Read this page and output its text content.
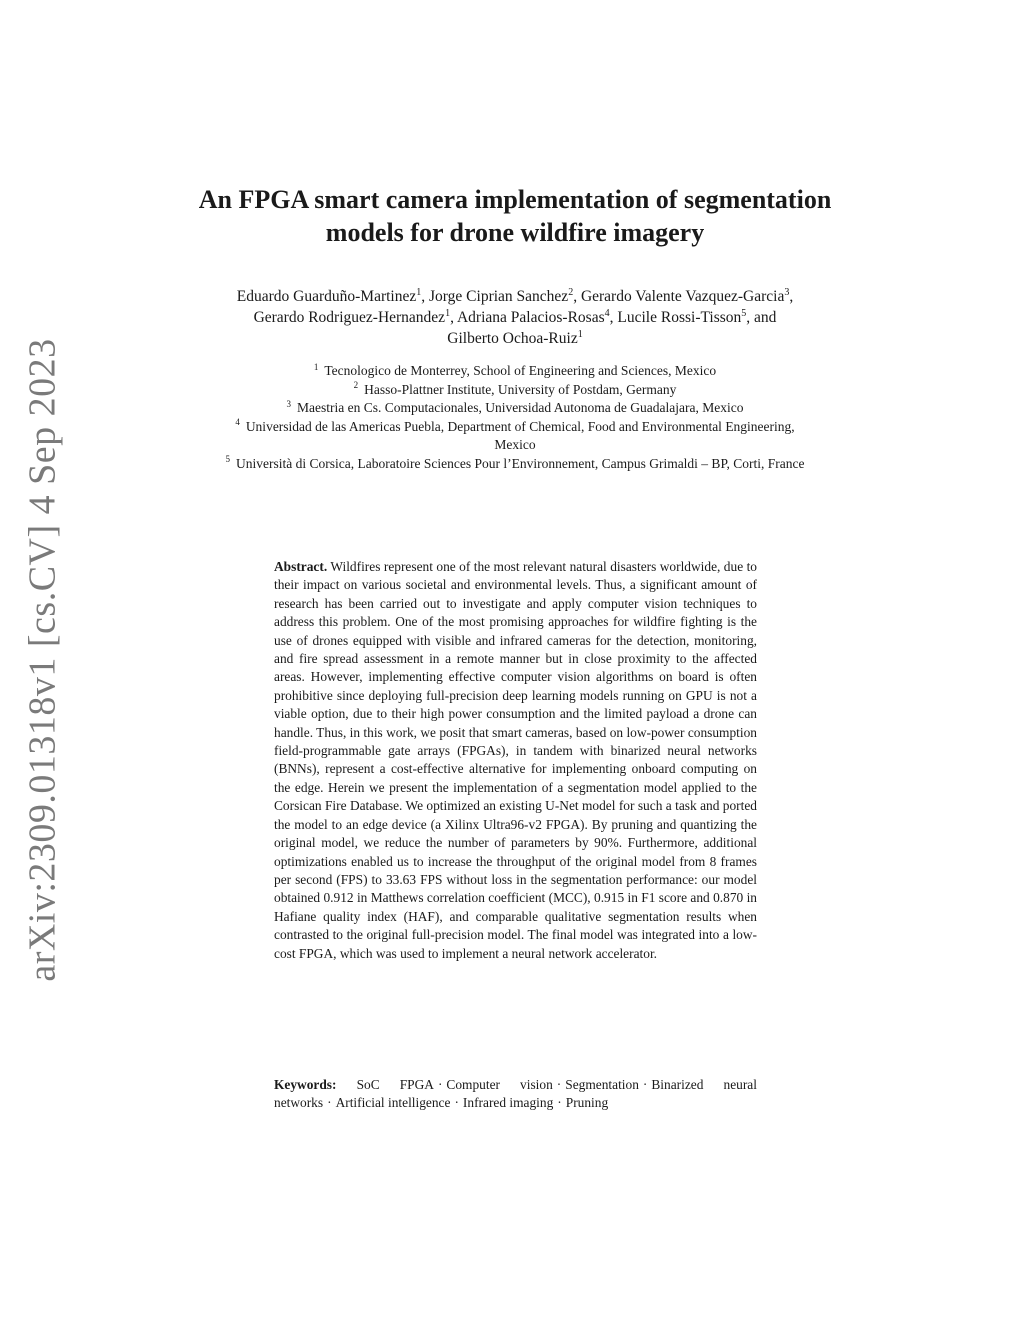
arXiv:2309.01318v1 [cs.CV] 4 Sep 2023
An FPGA smart camera implementation of segmentation models for drone wildfire imagery
Eduardo Guarduño-Martinez$^1$, Jorge Ciprian Sanchez$^2$, Gerardo Valente Vazquez-Garcia$^3$, Gerardo Rodriguez-Hernandez$^1$, Adriana Palacios-Rosas$^4$, Lucile Rossi-Tisson$^5$, and Gilberto Ochoa-Ruiz$^1$
$^1$ Tecnologico de Monterrey, School of Engineering and Sciences, Mexico
$^2$ Hasso-Plattner Institute, University of Postdam, Germany
$^3$ Maestria en Cs. Computacionales, Universidad Autonoma de Guadalajara, Mexico
$^4$ Universidad de las Americas Puebla, Department of Chemical, Food and Environmental Engineering, Mexico
$^5$ Università di Corsica, Laboratoire Sciences Pour l’Environnement, Campus Grimaldi – BP, Corti, France
Abstract. Wildfires represent one of the most relevant natural disasters worldwide, due to their impact on various societal and environmental levels. Thus, a significant amount of research has been carried out to investigate and apply computer vision techniques to address this problem. One of the most promising approaches for wildfire fighting is the use of drones equipped with visible and infrared cameras for the detection, monitoring, and fire spread assessment in a remote manner but in close proximity to the affected areas. However, implementing effective computer vision algorithms on board is often prohibitive since deploying full-precision deep learning models running on GPU is not a viable option, due to their high power consumption and the limited payload a drone can handle. Thus, in this work, we posit that smart cameras, based on low-power consumption field-programmable gate arrays (FPGAs), in tandem with binarized neural networks (BNNs), represent a cost-effective alternative for implementing onboard computing on the edge. Herein we present the implementation of a segmentation model applied to the Corsican Fire Database. We optimized an existing U-Net model for such a task and ported the model to an edge device (a Xilinx Ultra96-v2 FPGA). By pruning and quantizing the original model, we reduce the number of parameters by 90%. Furthermore, additional optimizations enabled us to increase the throughput of the original model from 8 frames per second (FPS) to 33.63 FPS without loss in the segmentation performance: our model obtained 0.912 in Matthews correlation coefficient (MCC), 0.915 in F1 score and 0.870 in Hafiane quality index (HAF), and comparable qualitative segmentation results when contrasted to the original full-precision model. The final model was integrated into a low-cost FPGA, which was used to implement a neural network accelerator.
Keywords: SoC FPGA · Computer vision · Segmentation · Binarized neural networks · Artificial intelligence · Infrared imaging · Pruning
